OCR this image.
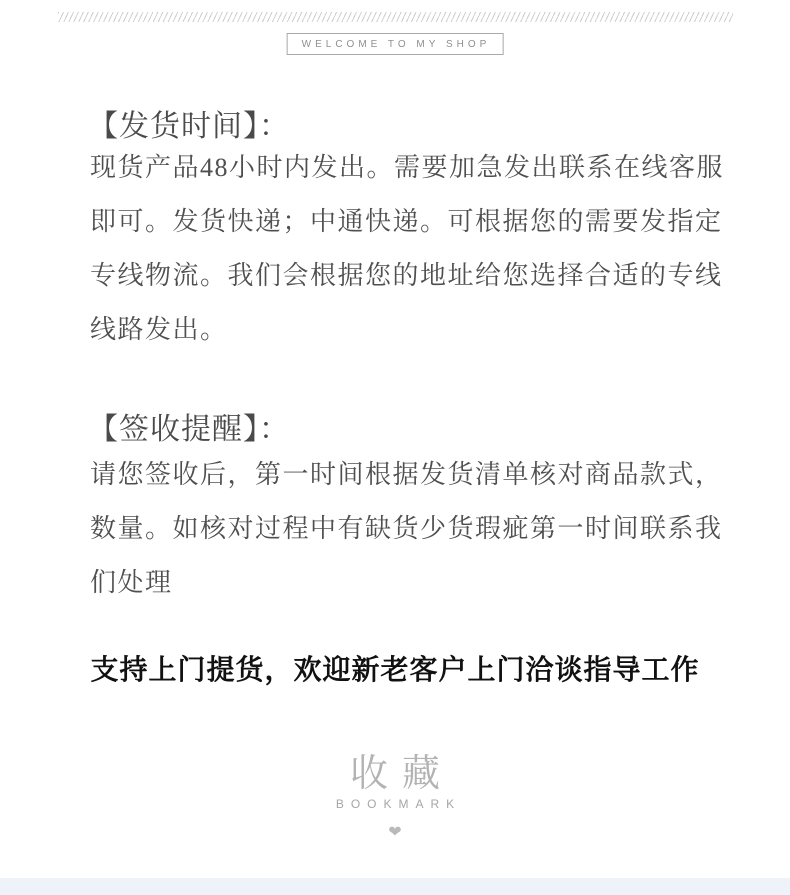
WELCOME TO MY SHOP
【发货时间】：
现货产品48小时内发出。需要加急发出联系在线客服
即可。发货快递；中通快递。可根据您的需要发指定
专线物流。我们会根据您的地址给您选择合适的专线
线路发出。
【签收提醒】：
请您签收后，第一时间根据发货清单核对商品款式，
数量。如核对过程中有缺货少货瑕疵第一时间联系我
们处理
支持上门提货，欢迎新老客户上门洽谈指导工作
收藏
BOOKMARK
❤
